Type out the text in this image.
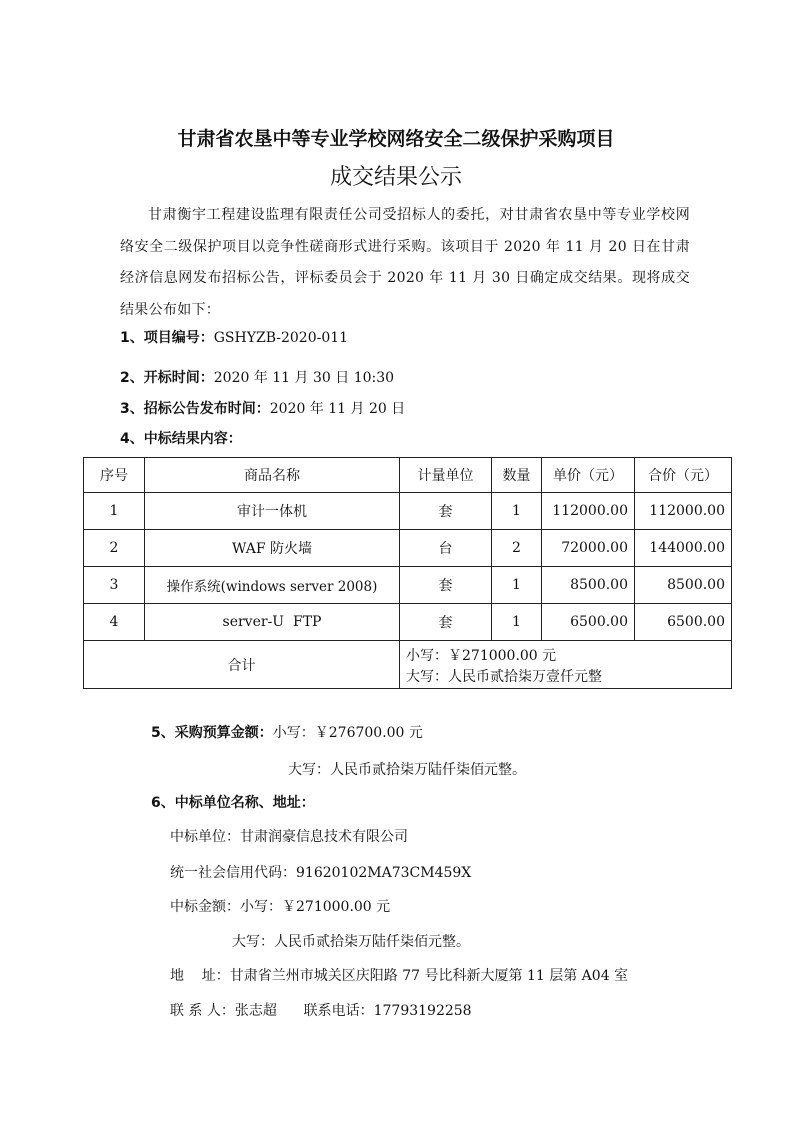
甘肃省农垦中等专业学校网络安全二级保护采购项目
成交结果公示
甘肃衡宇工程建设监理有限责任公司受招标人的委托，对甘肃省农垦中等专业学校网络安全二级保护项目以竞争性磋商形式进行采购。该项目于 2020 年 11 月 20 日在甘肃经济信息网发布招标公告，评标委员会于 2020 年 11 月 30 日确定成交结果。现将成交结果公布如下：
1、项目编号：GSHYZB-2020-011
2、开标时间：2020 年 11 月 30 日 10:30
3、招标公告发布时间：2020 年 11 月 20 日
4、中标结果内容：
序号	商品名称	计量单位	数量	单价（元）	合价（元）
1	审计一体机	套	1	112000.00	112000.00
2	WAF 防火墙	台	2	72000.00	144000.00
3	操作系统(windows server 2008)	套	1	8500.00	8500.00
4	server-U  FTP	套	1	6500.00	6500.00
合计		小写：￥271000.00 元
大写：人民币贰拾柒万壹仟元整			
5、采购预算金额：小写：￥276700.00 元
大写：人民币贰拾柒万陆仟柒佰元整。
6、中标单位名称、地址：
中标单位：甘肃润豪信息技术有限公司
统一社会信用代码：91620102MA73CM459X
中标金额：小写：￥271000.00 元
大写：人民币贰拾柒万陆仟柒佰元整。
地    址：甘肃省兰州市城关区庆阳路 77 号比科新大厦第 11 层第 A04 室
联 系 人：张志超      联系电话：17793192258
